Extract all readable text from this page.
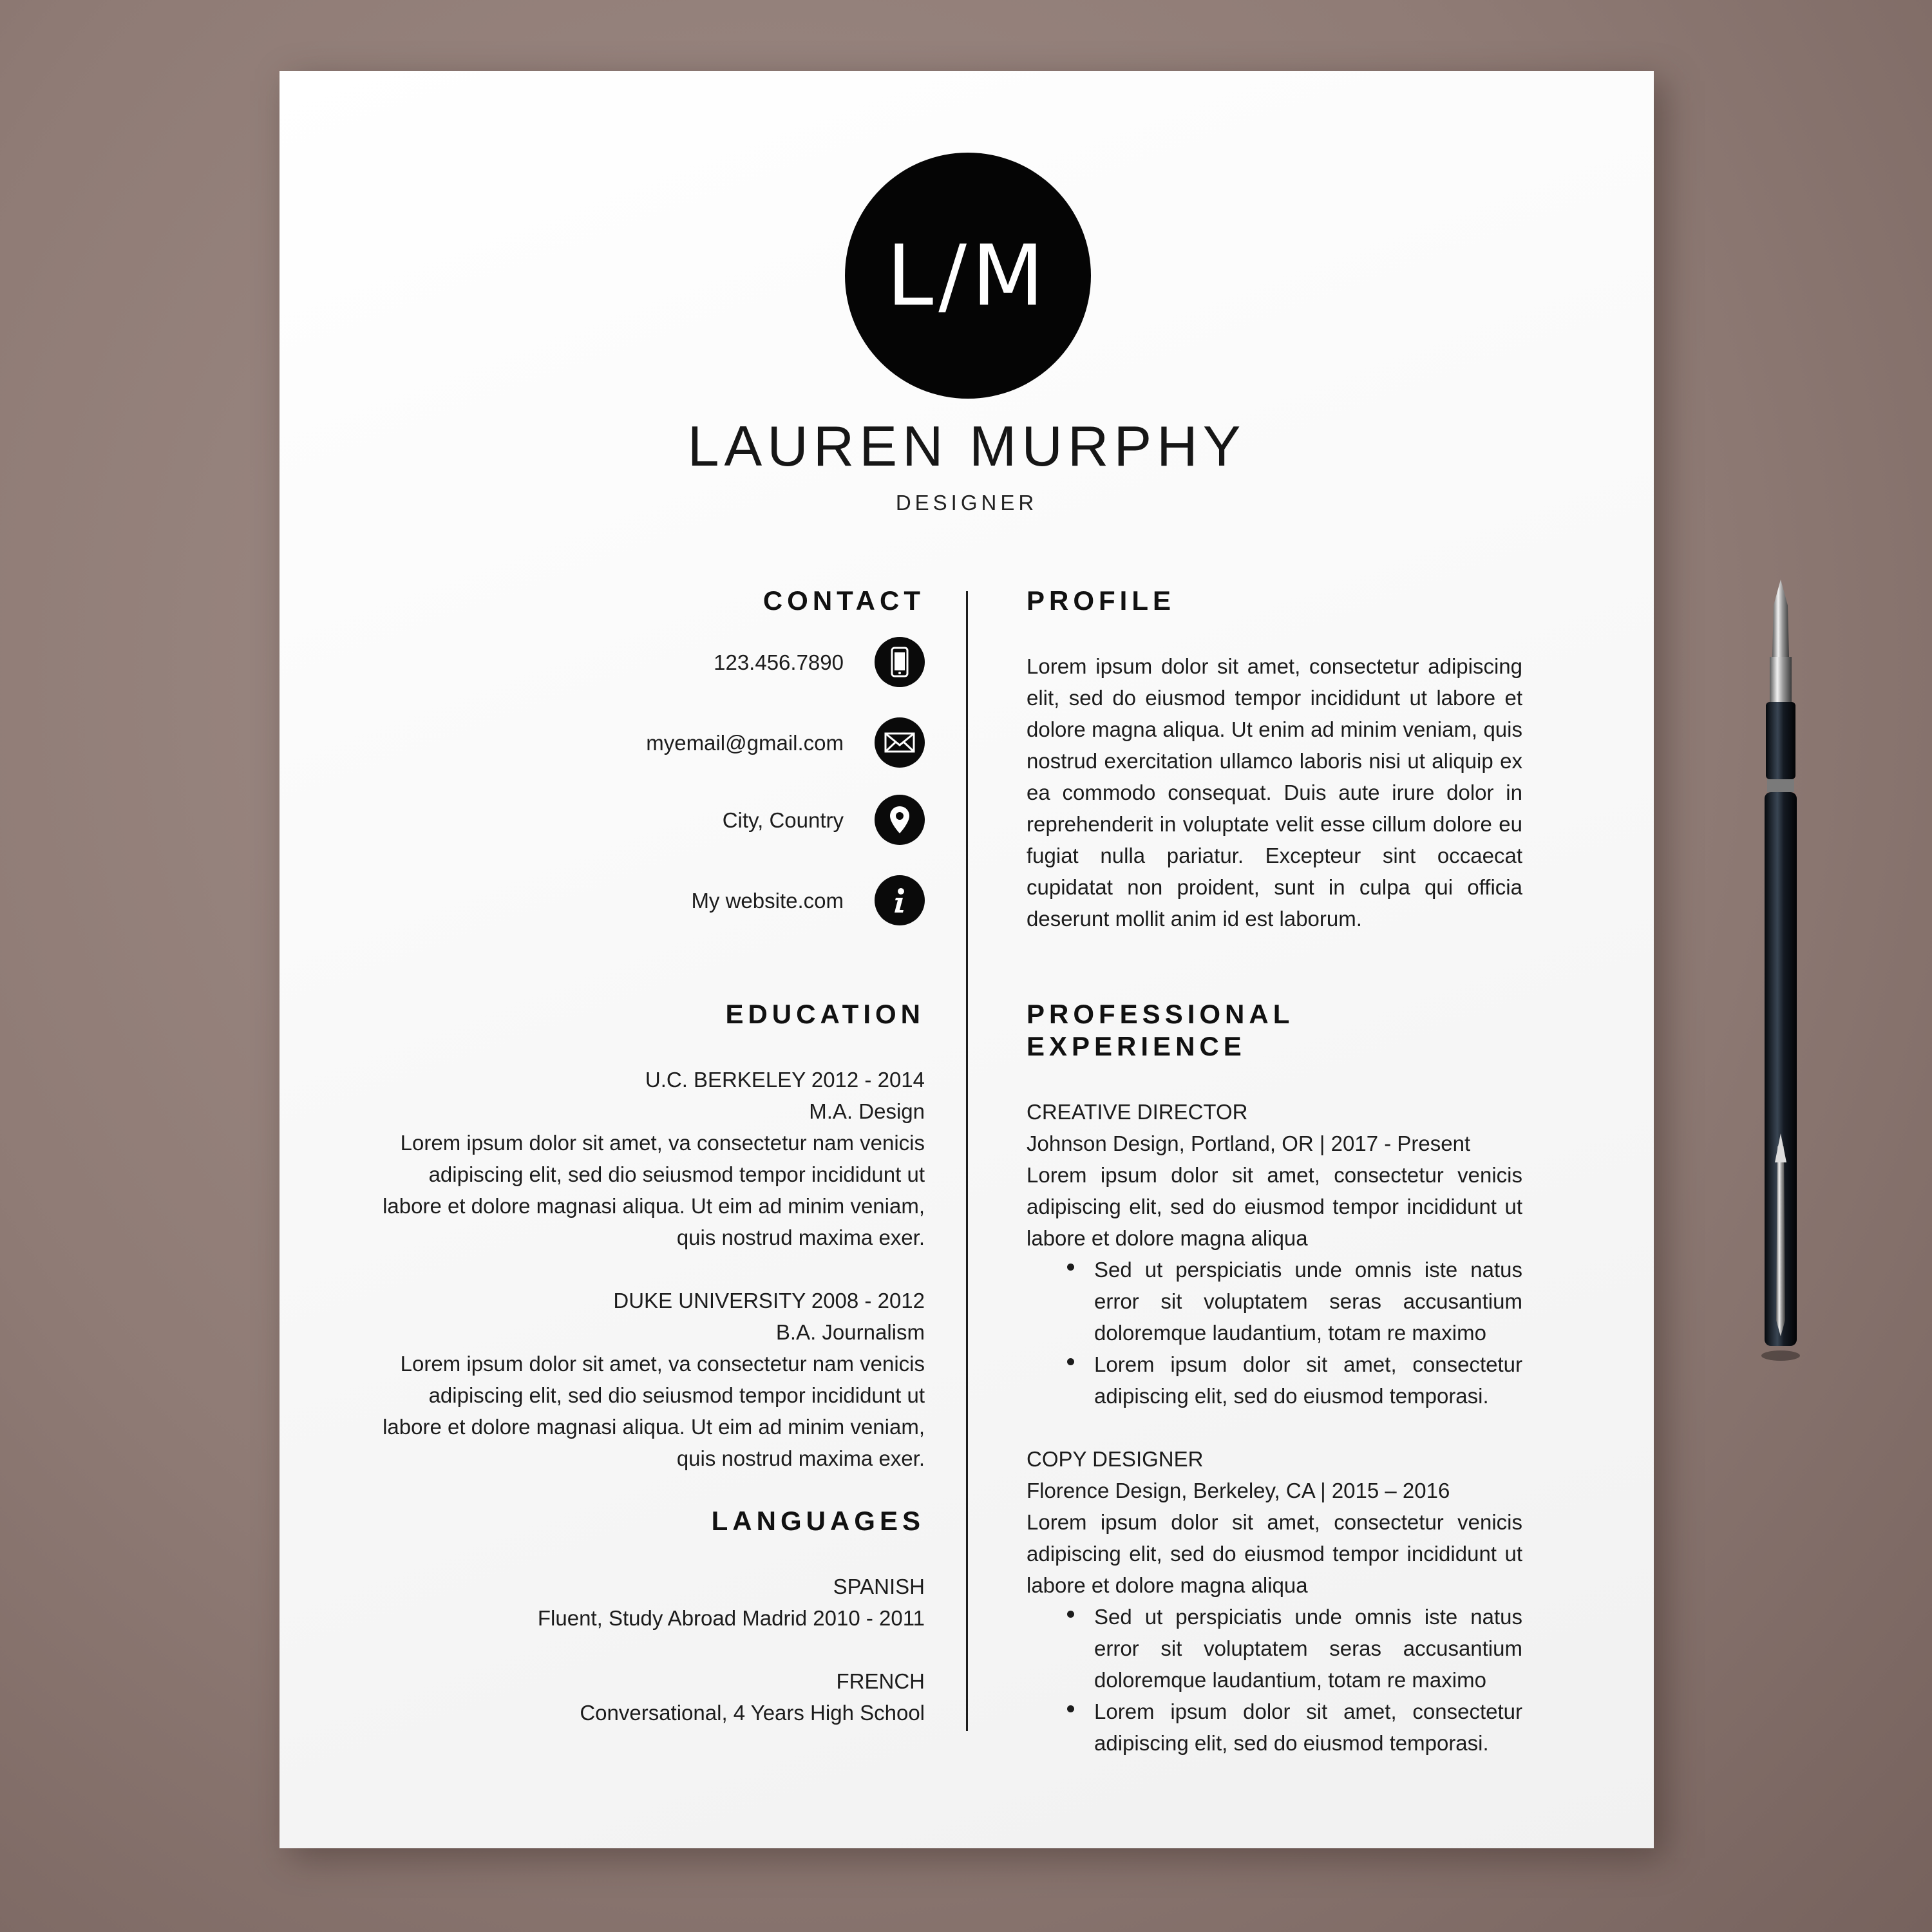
L/M
LAUREN MURPHY
DESIGNER
CONTACT

123.456.7890

myemail@gmail.com

City, Country

My website.com

EDUCATION

U.C. BERKELEY 2012 - 2014

M.A. Design

Lorem ipsum dolor sit amet, va consectetur nam venicis adipiscing elit, sed dio seiusmod tempor incididunt ut labore et dolore magnasi aliqua. Ut eim ad minim veniam, quis nostrud maxima exer.

DUKE UNIVERSITY 2008 - 2012

B.A. Journalism

Lorem ipsum dolor sit amet, va consectetur nam venicis adipiscing elit, sed dio seiusmod tempor incididunt ut labore et dolore magnasi aliqua. Ut eim ad minim veniam, quis nostrud maxima exer.

LANGUAGES

SPANISH

Fluent, Study Abroad Madrid 2010 - 2011

FRENCH

Conversational, 4 Years High School

PROFILE

Lorem ipsum dolor sit amet, consectetur adipiscing elit, sed do eiusmod tempor incididunt ut labore et dolore magna aliqua. Ut enim ad minim veniam, quis nostrud exercitation ullamco laboris nisi ut aliquip ex ea commodo consequat. Duis aute irure dolor in reprehenderit in voluptate velit esse cillum dolore eu fugiat nulla pariatur. Excepteur sint occaecat cupidatat non proident, sunt in culpa qui officia deserunt mollit anim id est laborum.

PROFESSIONAL EXPERIENCE

CREATIVE DIRECTOR

Johnson Design, Portland, OR | 2017 - Present

Lorem ipsum dolor sit amet, consectetur venicis adipiscing elit, sed do eiusmod tempor incididunt ut labore et dolore magna aliqua

Sed ut perspiciatis unde omnis iste natus error sit voluptatem seras accusantium doloremque laudantium, totam re maximo
Lorem ipsum dolor sit amet, consectetur adipiscing elit, sed do eiusmod temporasi.

COPY DESIGNER

Florence Design, Berkeley, CA | 2015 – 2016

Lorem ipsum dolor sit amet, consectetur venicis adipiscing elit, sed do eiusmod tempor incididunt ut labore et dolore magna aliqua

Sed ut perspiciatis unde omnis iste natus error sit voluptatem seras accusantium doloremque laudantium, totam re maximo
Lorem ipsum dolor sit amet, consectetur adipiscing elit, sed do eiusmod temporasi.
